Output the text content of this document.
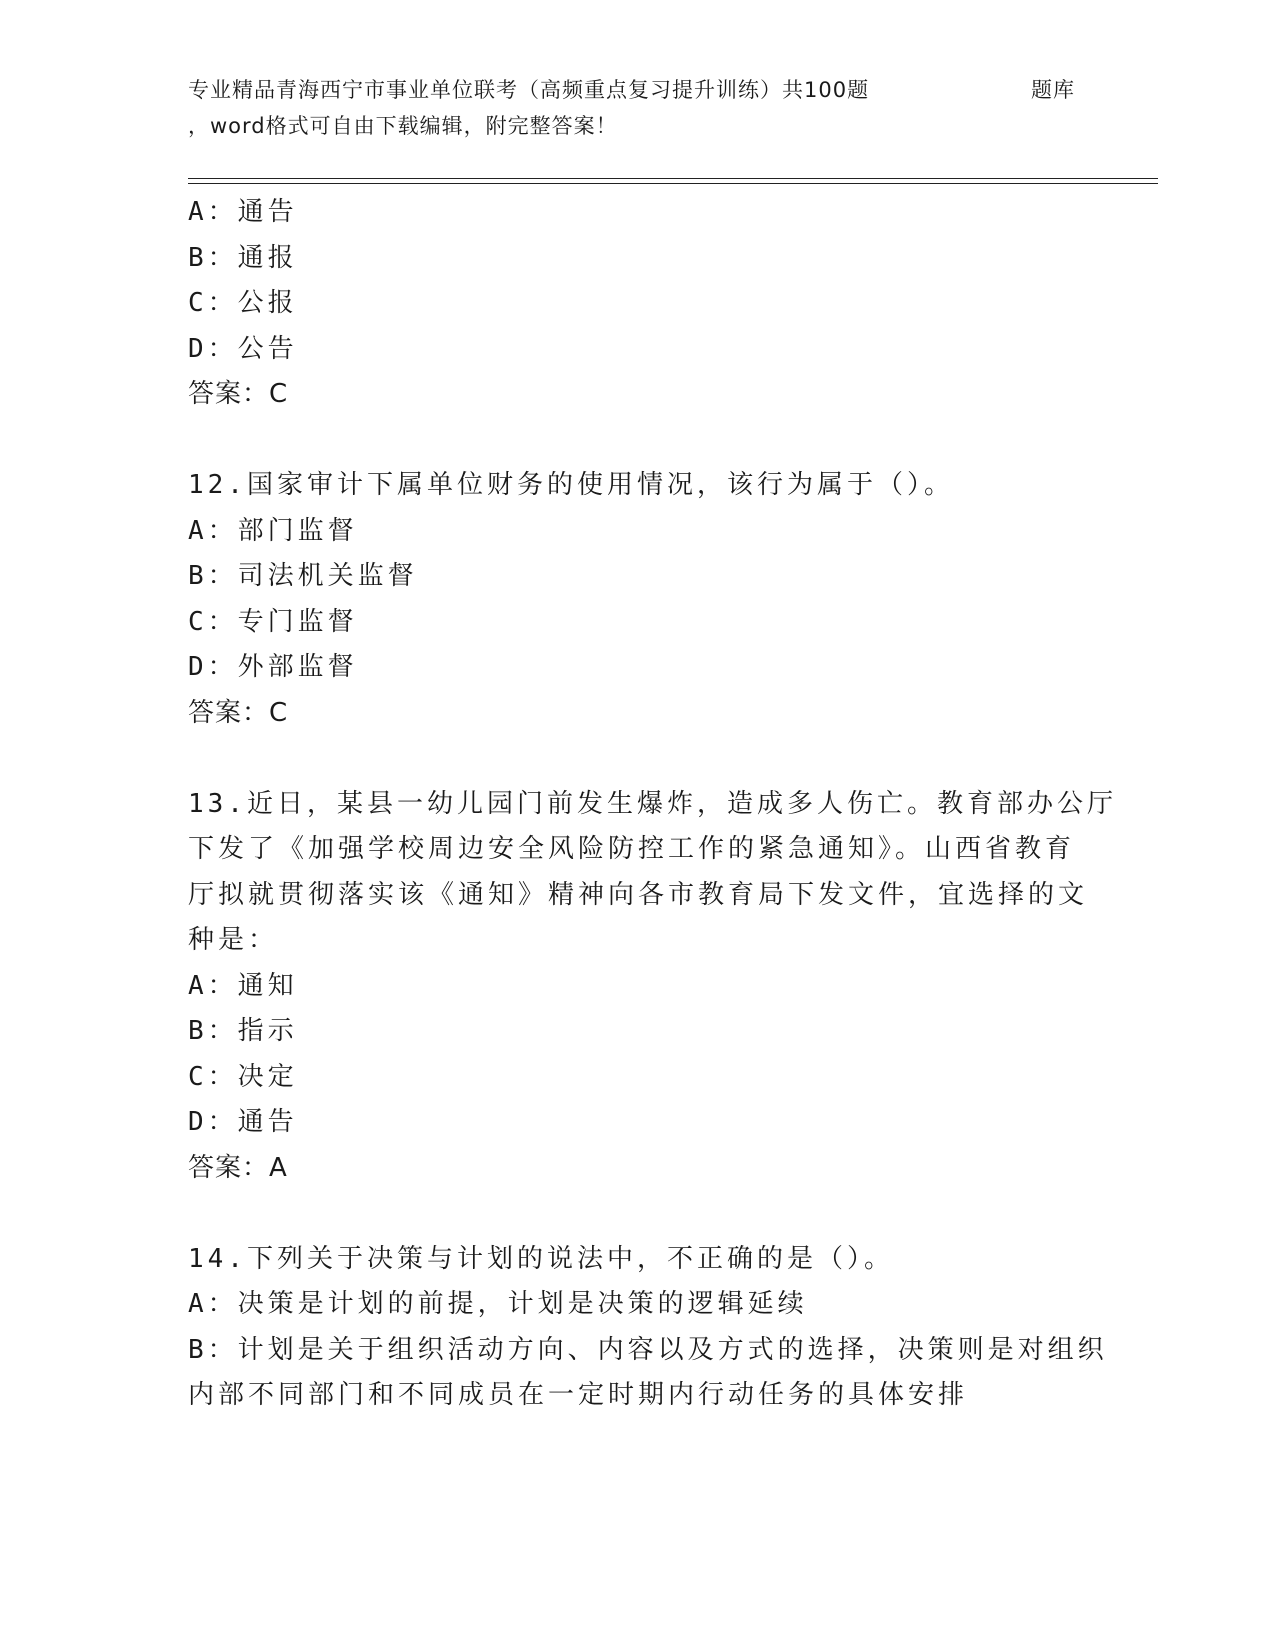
专业精品青海西宁市事业单位联考（高频重点复习提升训练）共100题	题库
，word格式可自由下载编辑，附完整答案！
A：通告
B：通报
C：公报
D：公告
答案：C
12.国家审计下属单位财务的使用情况，该行为属于（）。
A：部门监督
B：司法机关监督
C：专门监督
D：外部监督
答案：C
13.近日，某县一幼儿园门前发生爆炸，造成多人伤亡。教育部办公厅
下发了《加强学校周边安全风险防控工作的紧急通知》。山西省教育
厅拟就贯彻落实该《通知》精神向各市教育局下发文件，宜选择的文
种是：
A：通知
B：指示
C：决定
D：通告
答案：A
14.下列关于决策与计划的说法中，不正确的是（）。
A：决策是计划的前提，计划是决策的逻辑延续
B：计划是关于组织活动方向、内容以及方式的选择，决策则是对组织
内部不同部门和不同成员在一定时期内行动任务的具体安排
